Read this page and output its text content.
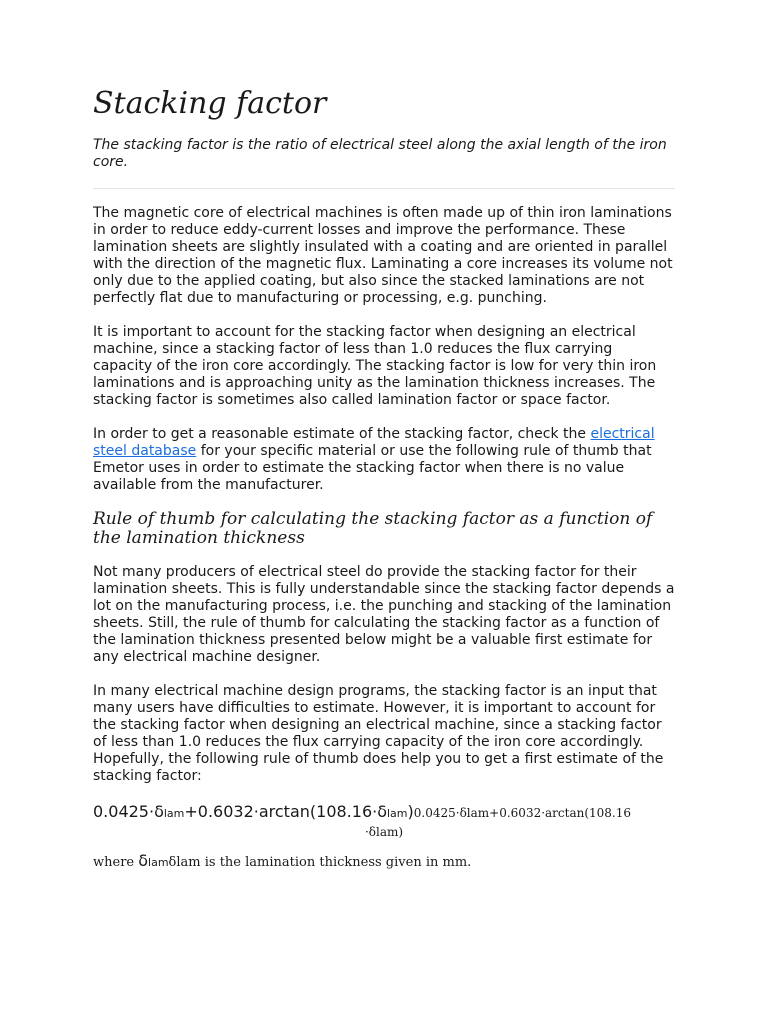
Stacking factor

The stacking factor is the ratio of electrical steel along the axial length of the iron core.

The magnetic core of electrical machines is often made up of thin iron laminations in order to reduce eddy-current losses and improve the performance. These lamination sheets are slightly insulated with a coating and are oriented in parallel with the direction of the magnetic flux. Laminating a core increases its volume not only due to the applied coating, but also since the stacked laminations are not perfectly flat due to manufacturing or processing, e.g. punching.

It is important to account for the stacking factor when designing an electrical machine, since a stacking factor of less than 1.0 reduces the flux carrying capacity of the iron core accordingly. The stacking factor is low for very thin iron laminations and is approaching unity as the lamination thickness increases. The stacking factor is sometimes also called lamination factor or space factor.

In order to get a reasonable estimate of the stacking factor, check the electrical steel database for your specific material or use the following rule of thumb that Emetor uses in order to estimate the stacking factor when there is no value available from the manufacturer.

Rule of thumb for calculating the stacking factor as a function of the lamination thickness

Not many producers of electrical steel do provide the stacking factor for their lamination sheets. This is fully understandable since the stacking factor depends a lot on the manufacturing process, i.e. the punching and stacking of the lamination sheets. Still, the rule of thumb for calculating the stacking factor as a function of the lamination thickness presented below might be a valuable first estimate for any electrical machine designer.

In many electrical machine design programs, the stacking factor is an input that many users have difficulties to estimate. However, it is important to account for the stacking factor when designing an electrical machine, since a stacking factor of less than 1.0 reduces the flux carrying capacity of the iron core accordingly. Hopefully, the following rule of thumb does help you to get a first estimate of the stacking factor:

0.0425·δlam+0.6032·arctan(108.16·δlam)0.0425·δlam+0.6032·arctan(108.16
·δlam)

where δlamδlam is the lamination thickness given in mm.
